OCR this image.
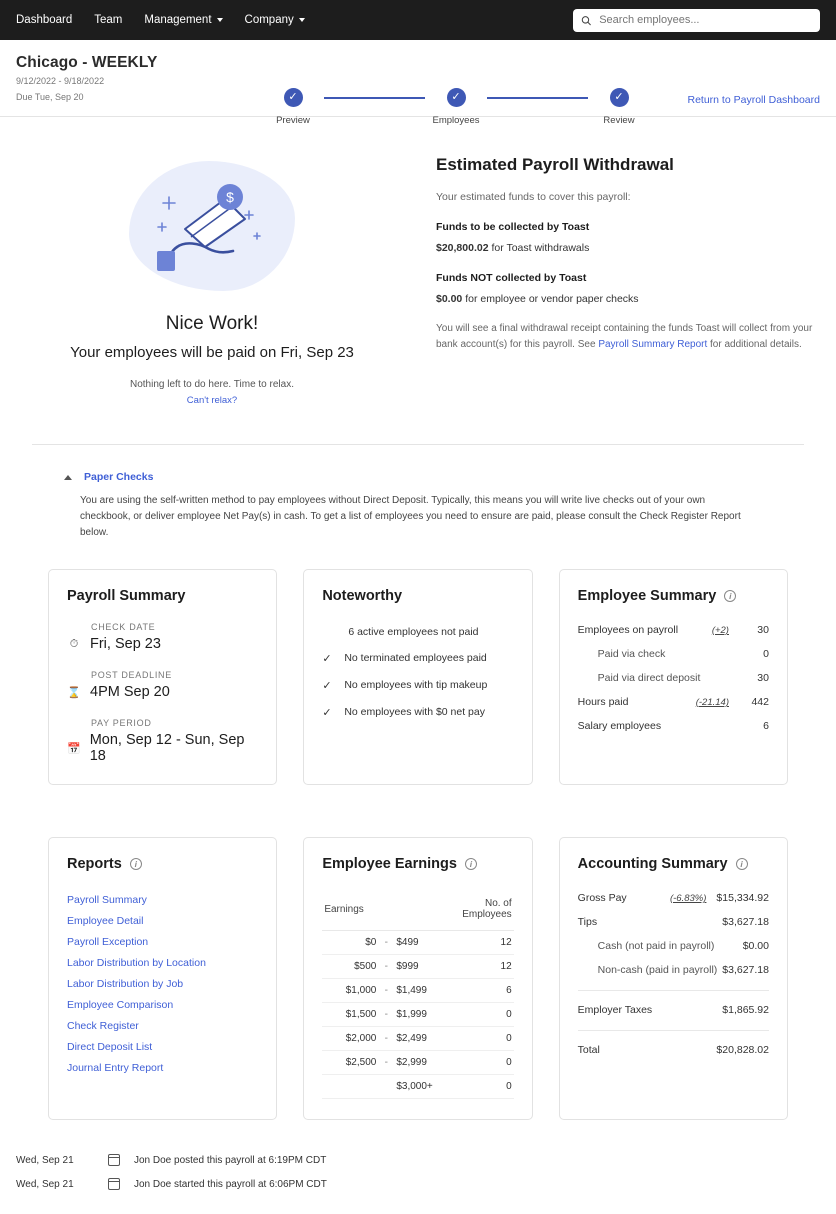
Dashboard Team Management	Company
Search employees...
Chicago - WEEKLY
9/12/2022 - 9/18/2022
Due Tue, Sep 20	✓
Preview
✓
Employees
✓
Review
Return to Payroll Dashboard
$
Nice Work!
Your employees will be paid on Fri, Sep 23
Nothing left to do here. Time to relax.
Can't relax?
Estimated Payroll Withdrawal
Your estimated funds to cover this payroll:
Funds to be collected by Toast
$20,800.02 for Toast withdrawals
Funds NOT collected by Toast
$0.00 for employee or vendor paper checks
You will see a final withdrawal receipt containing the funds Toast will collect from your bank account(s) for this payroll. See Payroll Summary Report for additional details.
Paper Checks
You are using the self-written method to pay employees without Direct Deposit. Typically, this means you will write live checks out of your own checkbook, or deliver employee Net Pay(s) in cash. To get a list of employees you need to ensure are paid, please consult the Check Register Report below.
Payroll Summary
CHECK DATE
⏱ Fri, Sep 23
POST DEADLINE
⌛ 4PM Sep 20
PAY PERIOD
📅
Mon, Sep 12 - Sun, Sep 18
Noteworthy
6 active employees not paid
✓ No terminated employees paid
✓ No employees with tip makeup
✓ No employees with $0 net pay
Employee Summary	i
Employees on payroll	(+2)	30
Paid via check	0
Paid via direct deposit	30
Hours paid	(-21.14)	442
Salary employees	6
Reports	i
Payroll Summary
Employee Detail
Payroll Exception
Labor Distribution by Location
Labor Distribution by Job
Employee Comparison
Check Register
Direct Deposit List
Journal Entry Report
Employee Earnings	i
Earnings			No. of Employees
$0	-	$499	12
$500	-	$999	12
$1,000	-	$1,499	6
$1,500	-	$1,999	0
$2,000	-	$2,499	0
$2,500	-	$2,999	0
		$3,000+	0
Accounting Summary	i
Gross Pay	(-6.83%) $15,334.92
Tips	$3,627.18
Cash (not paid in payroll)	$0.00
Non-cash (paid in payroll) $3,627.18
Employer Taxes	$1,865.92
Total	$20,828.02
Wed, Sep 21	Jon Doe posted this payroll at 6:19PM CDT
Wed, Sep 21	Jon Doe started this payroll at 6:06PM CDT
